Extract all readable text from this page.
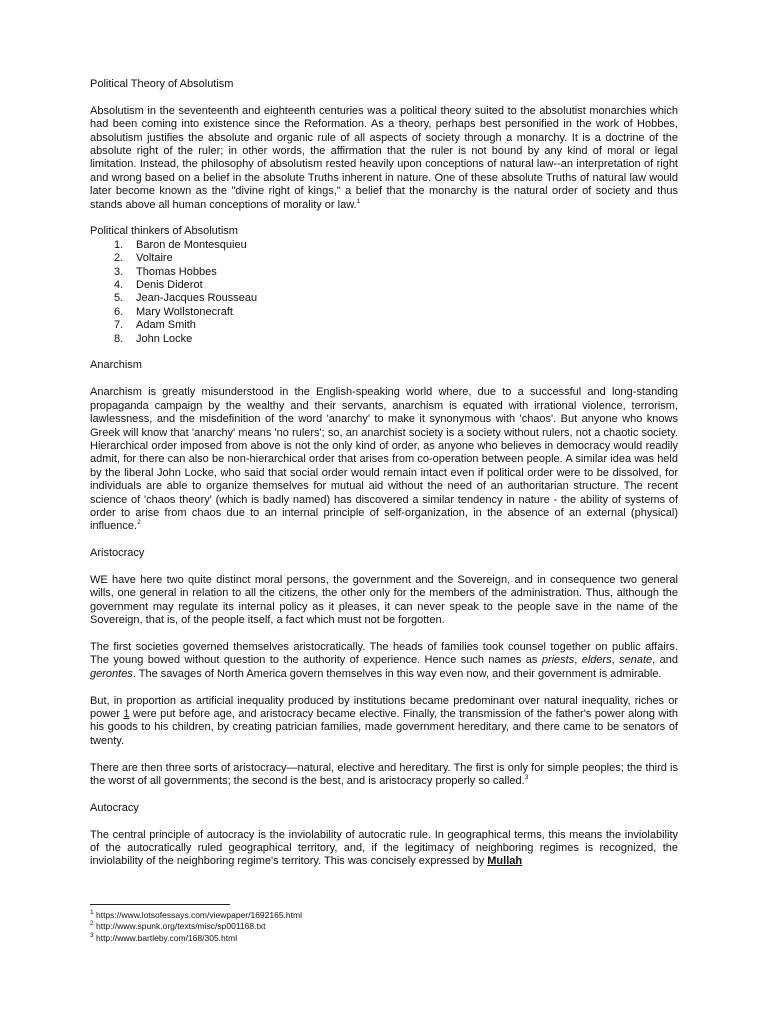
Political Theory of Absolutism

Absolutism in the seventeenth and eighteenth centuries was a political theory suited to the absolutist monarchies which had been coming into existence since the Reformation. As a theory, perhaps best personified in the work of Hobbes, absolutism justifies the absolute and organic rule of all aspects of society through a monarchy. It is a doctrine of the absolute right of the ruler; in other words, the affirmation that the ruler is not bound by any kind of moral or legal limitation. Instead, the philosophy of absolutism rested heavily upon conceptions of natural law--an interpretation of right and wrong based on a belief in the absolute Truths inherent in nature. One of these absolute Truths of natural law would later become known as the "divine right of kings," a belief that the monarchy is the natural order of society and thus stands above all human conceptions of morality or law.$^1$

Political thinkers of Absolutism
1. Baron de Montesquieu
2. Voltaire
3. Thomas Hobbes
4. Denis Diderot
5. Jean-Jacques Rousseau
6. Mary Wollstonecraft
7. Adam Smith
8. John Locke
Anarchism

Anarchism is greatly misunderstood in the English-speaking world where, due to a successful and long-standing propaganda campaign by the wealthy and their servants, anarchism is equated with irrational violence, terrorism, lawlessness, and the misdefinition of the word 'anarchy' to make it synonymous with 'chaos'. But anyone who knows Greek will know that 'anarchy' means 'no rulers'; so, an anarchist society is a society without rulers, not a chaotic society. Hierarchical order imposed from above is not the only kind of order, as anyone who believes in democracy would readily admit, for there can also be non-hierarchical order that arises from co-operation between people. A similar idea was held by the liberal John Locke, who said that social order would remain intact even if political order were to be dissolved, for individuals are able to organize themselves for mutual aid without the need of an authoritarian structure. The recent science of 'chaos theory' (which is badly named) has discovered a similar tendency in nature - the ability of systems of order to arise from chaos due to an internal principle of self-organization, in the absence of an external (physical) influence.$^2$

Aristocracy

WE have here two quite distinct moral persons, the government and the Sovereign, and in consequence two general wills, one general in relation to all the citizens, the other only for the members of the administration. Thus, although the government may regulate its internal policy as it pleases, it can never speak to the people save in the name of the Sovereign, that is, of the people itself, a fact which must not be forgotten.

The first societies governed themselves aristocratically. The heads of families took counsel together on public affairs. The young bowed without question to the authority of experience. Hence such names as priests, elders, senate, and gerontes. The savages of North America govern themselves in this way even now, and their government is admirable.

But, in proportion as artificial inequality produced by institutions became predominant over natural inequality, riches or power 1 were put before age, and aristocracy became elective. Finally, the transmission of the father's power along with his goods to his children, by creating patrician families, made government hereditary, and there came to be senators of twenty.

There are then three sorts of aristocracy—natural, elective and hereditary. The first is only for simple peoples; the third is the worst of all governments; the second is the best, and is aristocracy properly so called.$^3$

Autocracy

The central principle of autocracy is the inviolability of autocratic rule. In geographical terms, this means the inviolability of the autocratically ruled geographical territory, and, if the legitimacy of neighboring regimes is recognized, the inviolability of the neighboring regime's territory. This was concisely expressed by Mullah

$^1$ https://www.lotsofessays.com/viewpaper/1692165.html
$^2$ http://www.spunk.org/texts/misc/sp001168.txt
$^3$ http://www.bartleby.com/168/305.html
